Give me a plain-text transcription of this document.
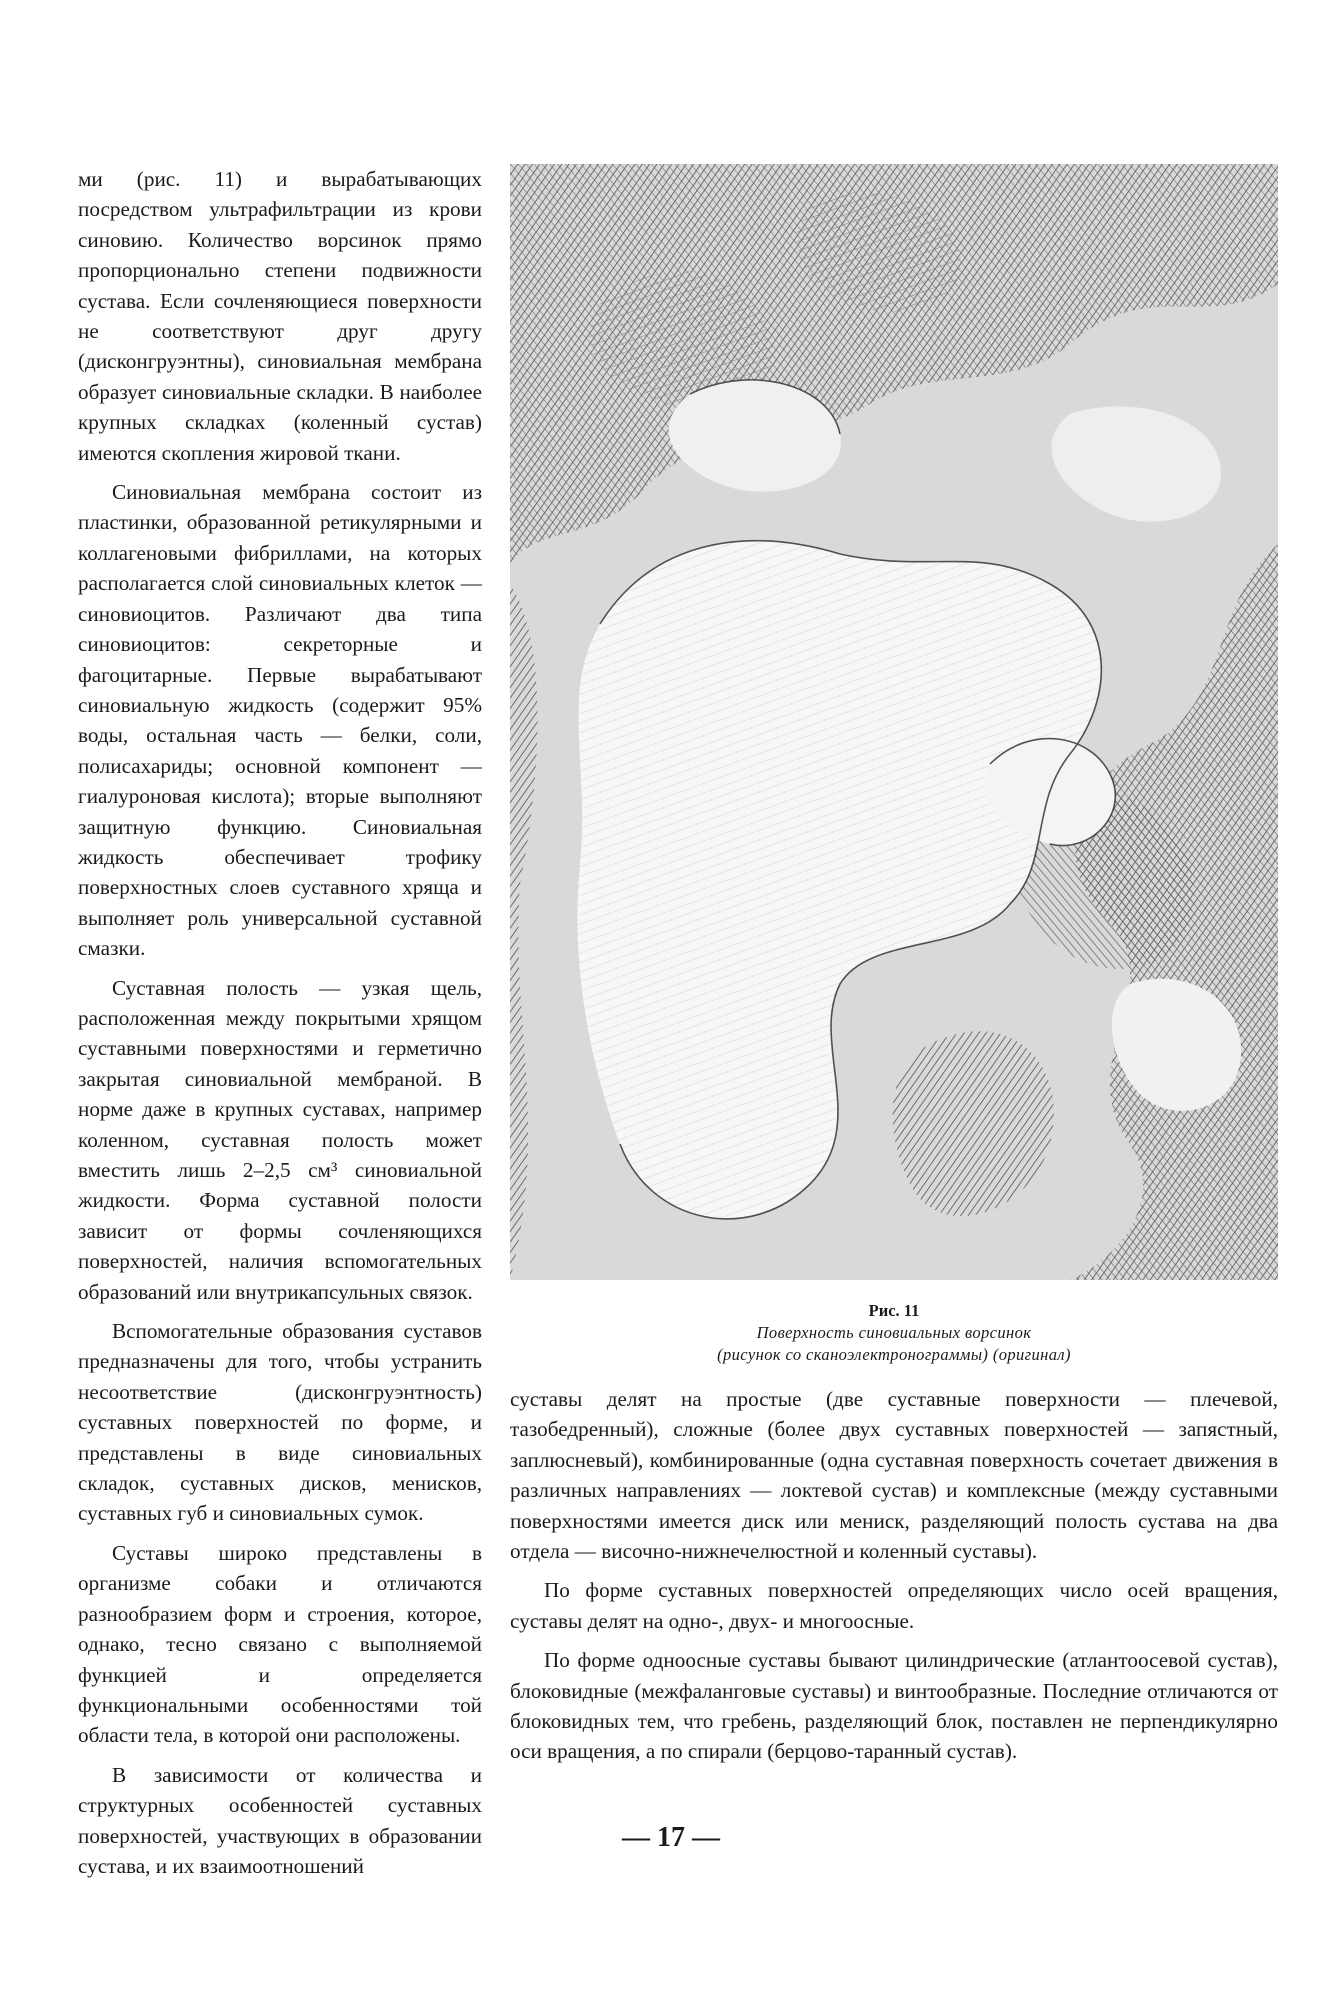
ми (рис. 11) и вырабатывающих посредством ультрафильтрации из крови синовию. Количество ворсинок прямо пропорционально степени подвижности сустава. Если сочленяющиеся поверхности не соответствуют друг другу (дисконгруэнтны), синовиальная мембрана образует синовиальные складки. В наиболее крупных складках (коленный сустав) имеются скопления жировой ткани.

Синовиальная мембрана состоит из пластинки, образованной ретикулярными и коллагеновыми фибриллами, на которых располагается слой синовиальных клеток — синовиоцитов. Различают два типа синовиоцитов: секреторные и фагоцитарные. Первые вырабатывают синовиальную жидкость (содержит 95% воды, остальная часть — белки, соли, полисахариды; основной компонент — гиалуроновая кислота); вторые выполняют защитную функцию. Синовиальная жидкость обеспечивает трофику поверхностных слоев суставного хряща и выполняет роль универсальной суставной смазки.

Суставная полость — узкая щель, расположенная между покрытыми хрящом суставными поверхностями и герметично закрытая синовиальной мембраной. В норме даже в крупных суставах, например коленном, суставная полость может вместить лишь 2–2,5 см³ синовиальной жидкости. Форма суставной полости зависит от формы сочленяющихся поверхностей, наличия вспомогательных образований или внутрикапсульных связок.

Вспомогательные образования суставов предназначены для того, чтобы устранить несоответствие (дисконгруэнтность) суставных поверхностей по форме, и представлены в виде синовиальных складок, суставных дисков, менисков, суставных губ и синовиальных сумок.

Суставы широко представлены в организме собаки и отличаются разнообразием форм и строения, которое, однако, тесно связано с выполняемой функцией и определяется функциональными особенностями той области тела, в которой они расположены.

В зависимости от количества и структурных особенностей суставных поверхностей, участвующих в образовании сустава, и их взаимоотношений

Рис. 11
Поверхность синовиальных ворсинок
(рисунок со сканоэлектронограммы) (оригинал)

суставы делят на простые (две суставные поверхности — плечевой, тазобедренный), сложные (более двух суставных поверхностей — запястный, заплюсневый), комбинированные (одна суставная поверхность сочетает движения в различных направлениях — локтевой сустав) и комплексные (между суставными поверхностями имеется диск или мениск, разделяющий полость сустава на два отдела — височно-нижнечелюстной и коленный суставы).

По форме суставных поверхностей определяющих число осей вращения, суставы делят на одно-, двух- и многоосные.

По форме одноосные суставы бывают цилиндрические (атлантоосевой сустав), блоковидные (межфаланговые суставы) и винтообразные. Последние отличаются от блоковидных тем, что гребень, разделяющий блок, поставлен не перпендикулярно оси вращения, а по спирали (берцово-таранный сустав).

— 17 —
